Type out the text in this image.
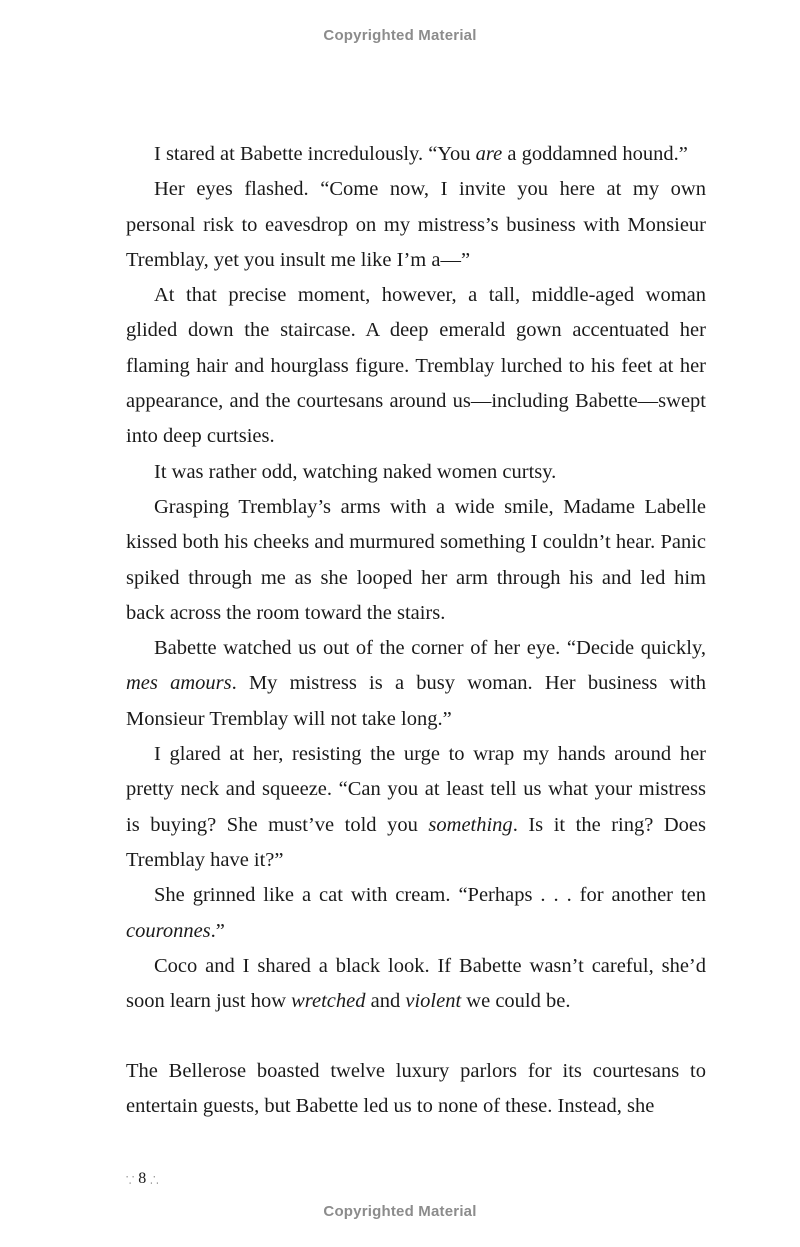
Copyrighted Material

I stared at Babette incredulously. “You are a goddamned hound.”

Her eyes flashed. “Come now, I invite you here at my own personal risk to eavesdrop on my mistress’s business with Monsieur Tremblay, yet you insult me like I’m a—”

At that precise moment, however, a tall, middle-aged woman glided down the staircase. A deep emerald gown accentuated her flaming hair and hourglass figure. Tremblay lurched to his feet at her appearance, and the courtesans around us—including Babette—swept into deep curtsies.

It was rather odd, watching naked women curtsy.

Grasping Tremblay’s arms with a wide smile, Madame Labelle kissed both his cheeks and murmured something I couldn’t hear. Panic spiked through me as she looped her arm through his and led him back across the room toward the stairs.

Babette watched us out of the corner of her eye. “Decide quickly, mes amours. My mistress is a busy woman. Her business with Monsieur Tremblay will not take long.”

I glared at her, resisting the urge to wrap my hands around her pretty neck and squeeze. “Can you at least tell us what your mistress is buying? She must’ve told you something. Is it the ring? Does Tremblay have it?”

She grinned like a cat with cream. “Perhaps . . . for another ten couronnes.”

Coco and I shared a black look. If Babette wasn’t careful, she’d soon learn just how wretched and violent we could be.

The Bellerose boasted twelve luxury parlors for its courtesans to entertain guests, but Babette led us to none of these. Instead, she

⸪ 8 ⸫
Copyrighted Material
